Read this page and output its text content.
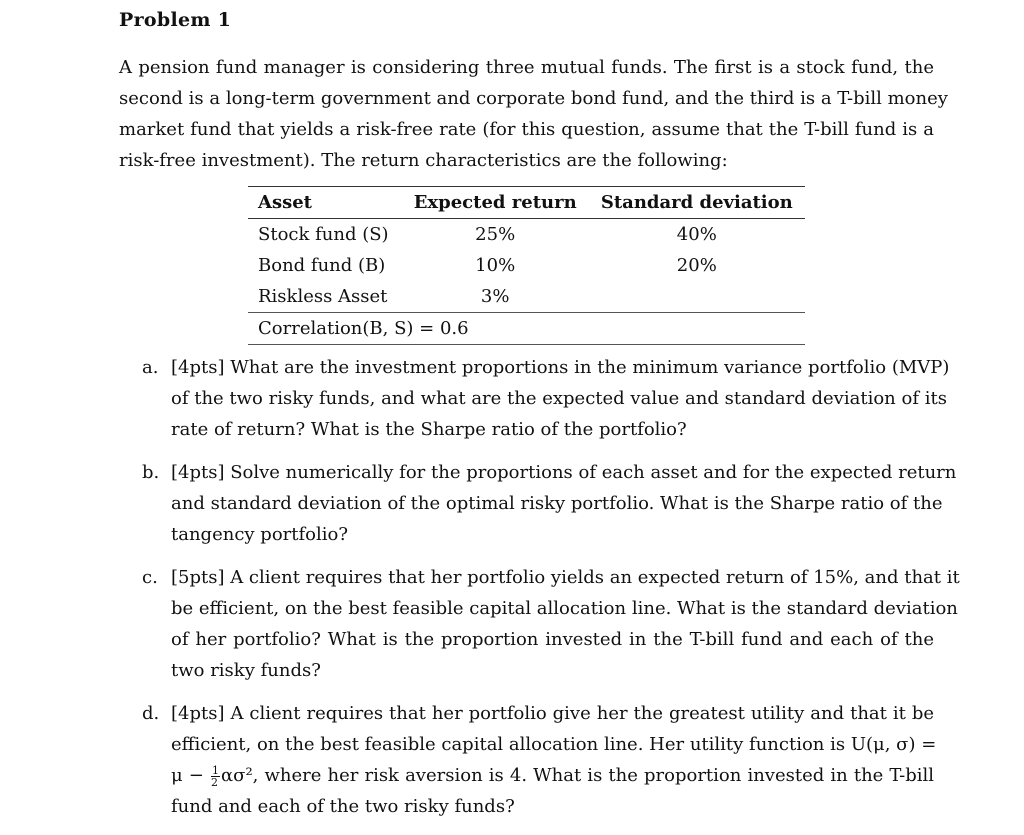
Problem 1
A pension fund manager is considering three mutual funds. The first is a stock fund, the
second is a long-term government and corporate bond fund, and the third is a T-bill money
market fund that yields a risk-free rate (for this question, assume that the T-bill fund is a
risk-free investment). The return characteristics are the following:
Asset	Expected return	Standard deviation
Stock fund (S)	25%	40%
Bond fund (B)	10%	20%
Riskless Asset	3%	
Correlation(B, S) = 0.6		
a. [4pts] What are the investment proportions in the minimum variance portfolio (MVP)
of the two risky funds, and what are the expected value and standard deviation of its
rate of return? What is the Sharpe ratio of the portfolio?
b. [4pts] Solve numerically for the proportions of each asset and for the expected return
and standard deviation of the optimal risky portfolio. What is the Sharpe ratio of the
tangency portfolio?
c. [5pts] A client requires that her portfolio yields an expected return of 15%, and that it
be efficient, on the best feasible capital allocation line. What is the standard deviation
of her portfolio? What is the proportion invested in the T-bill fund and each of the
two risky funds?
d. [4pts] A client requires that her portfolio give her the greatest utility and that it be
efficient, on the best feasible capital allocation line. Her utility function is U(μ, σ) =
$\mu - \frac{1}{2} \alpha\sigma^2$, where her risk aversion is 4. What is the proportion invested in the T-bill
fund and each of the two risky funds?
